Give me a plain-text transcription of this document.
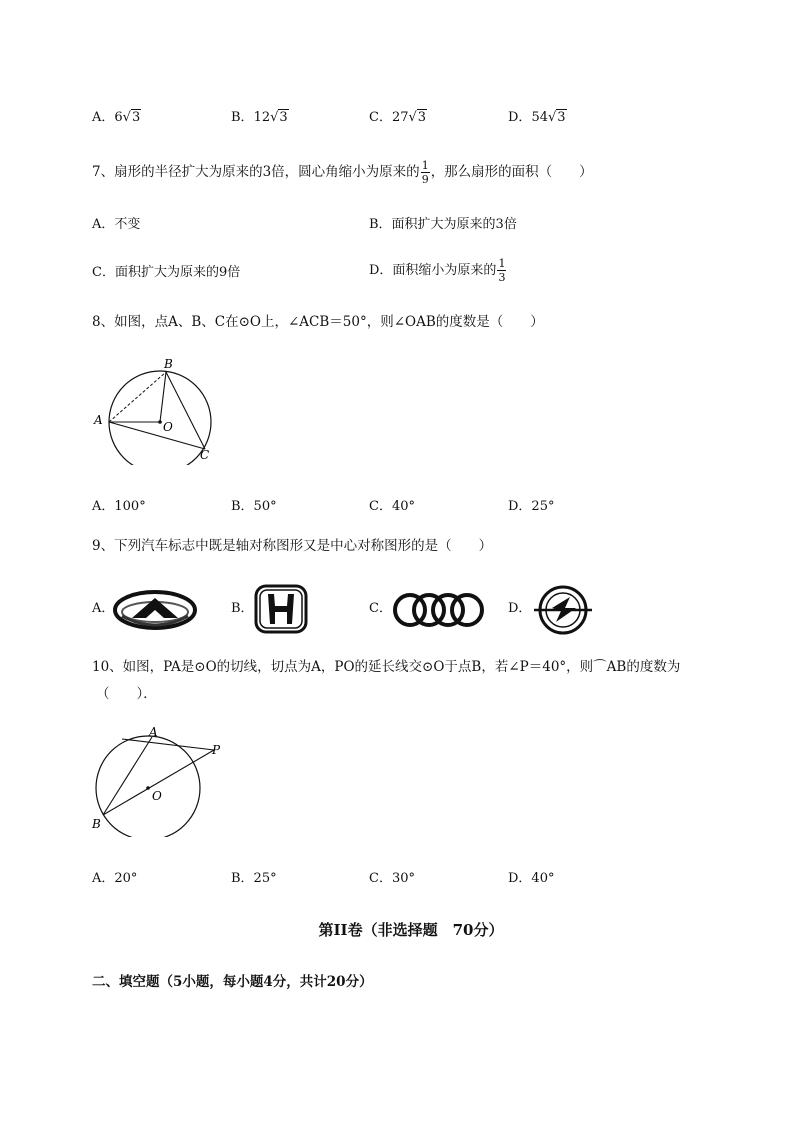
A．6√3	B．12√3	C．27√3	D．54√3
7、扇形的半径扩大为原来的3倍，圆心角缩小为原来的 $\frac{1}{9}$ ，那么扇形的面积（　　）
A．不变	B．面积扩大为原来的3倍
C．面积扩大为原来的9倍	D．面积缩小为原来的 $\frac{1}{3}$
8、如图，点A、B、C在⊙O上，∠ACB＝50°，则∠OAB的度数是（　　）
B
A	O
C
A．100°	B．50°	C．40°	D．25°
9、下列汽车标志中既是轴对称图形又是中心对称图形的是（　　）
A．	B．	C．	D．
10、如图，PA是⊙O的切线，切点为A，PO的延长线交⊙O于点B，若∠P＝40°，则⌒AB的度数为
（　　）．
A
P
O
B
A．20°	B．25°	C．30°	D．40°
第II卷（非选择题　70分）
二、填空题（5小题，每小题4分，共计20分）
